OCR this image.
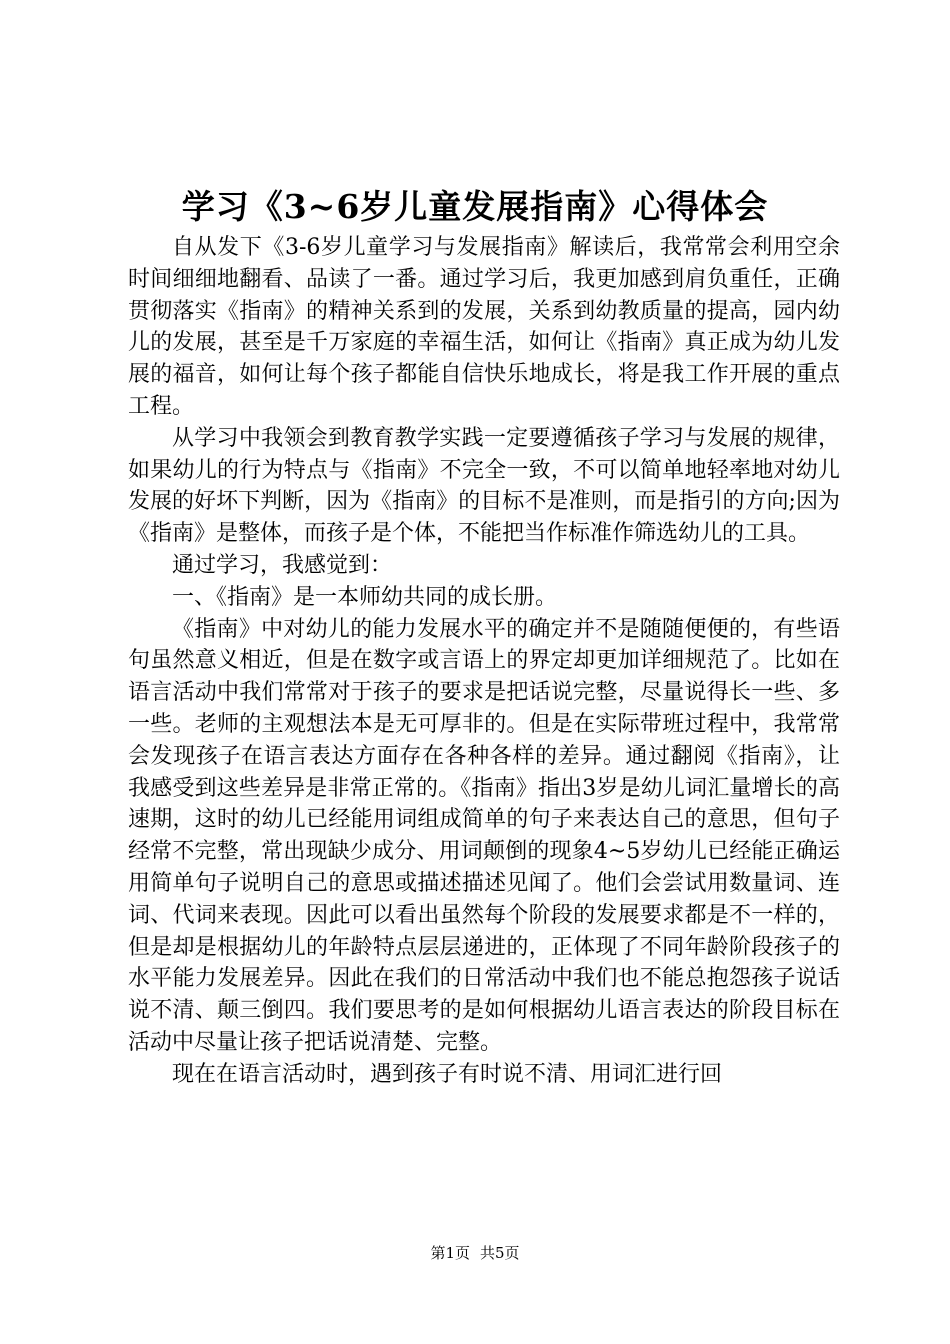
学习《3~6岁儿童发展指南》心得体会

自从发下《3-6岁儿童学习与发展指南》解读后，我常常会利用空余时间细细地翻看、品读了一番。通过学习后，我更加感到肩负重任，正确贯彻落实《指南》的精神关系到的发展，关系到幼教质量的提高，园内幼儿的发展，甚至是千万家庭的幸福生活，如何让《指南》真正成为幼儿发展的福音，如何让每个孩子都能自信快乐地成长，将是我工作开展的重点工程。

从学习中我领会到教育教学实践一定要遵循孩子学习与发展的规律，如果幼儿的行为特点与《指南》不完全一致，不可以简单地轻率地对幼儿发展的好坏下判断，因为《指南》的目标不是准则，而是指引的方向;因为《指南》是整体，而孩子是个体，不能把当作标准作筛选幼儿的工具。

通过学习，我感觉到：

一、《指南》是一本师幼共同的成长册。

《指南》中对幼儿的能力发展水平的确定并不是随随便便的，有些语句虽然意义相近，但是在数字或言语上的界定却更加详细规范了。比如在语言活动中我们常常对于孩子的要求是把话说完整，尽量说得长一些、多一些。老师的主观想法本是无可厚非的。但是在实际带班过程中，我常常会发现孩子在语言表达方面存在各种各样的差异。通过翻阅《指南》，让我感受到这些差异是非常正常的。《指南》指出3岁是幼儿词汇量增长的高速期，这时的幼儿已经能用词组成简单的句子来表达自己的意思，但句子经常不完整，常出现缺少成分、用词颠倒的现象4~5岁幼儿已经能正确运用简单句子说明自己的意思或描述描述见闻了。他们会尝试用数量词、连词、代词来表现。因此可以看出虽然每个阶段的发展要求都是不一样的，但是却是根据幼儿的年龄特点层层递进的，正体现了不同年龄阶段孩子的水平能力发展差异。因此在我们的日常活动中我们也不能总抱怨孩子说话说不清、颠三倒四。我们要思考的是如何根据幼儿语言表达的阶段目标在活动中尽量让孩子把话说清楚、完整。

现在在语言活动时，遇到孩子有时说不清、用词汇进行回

第1页 共5页
